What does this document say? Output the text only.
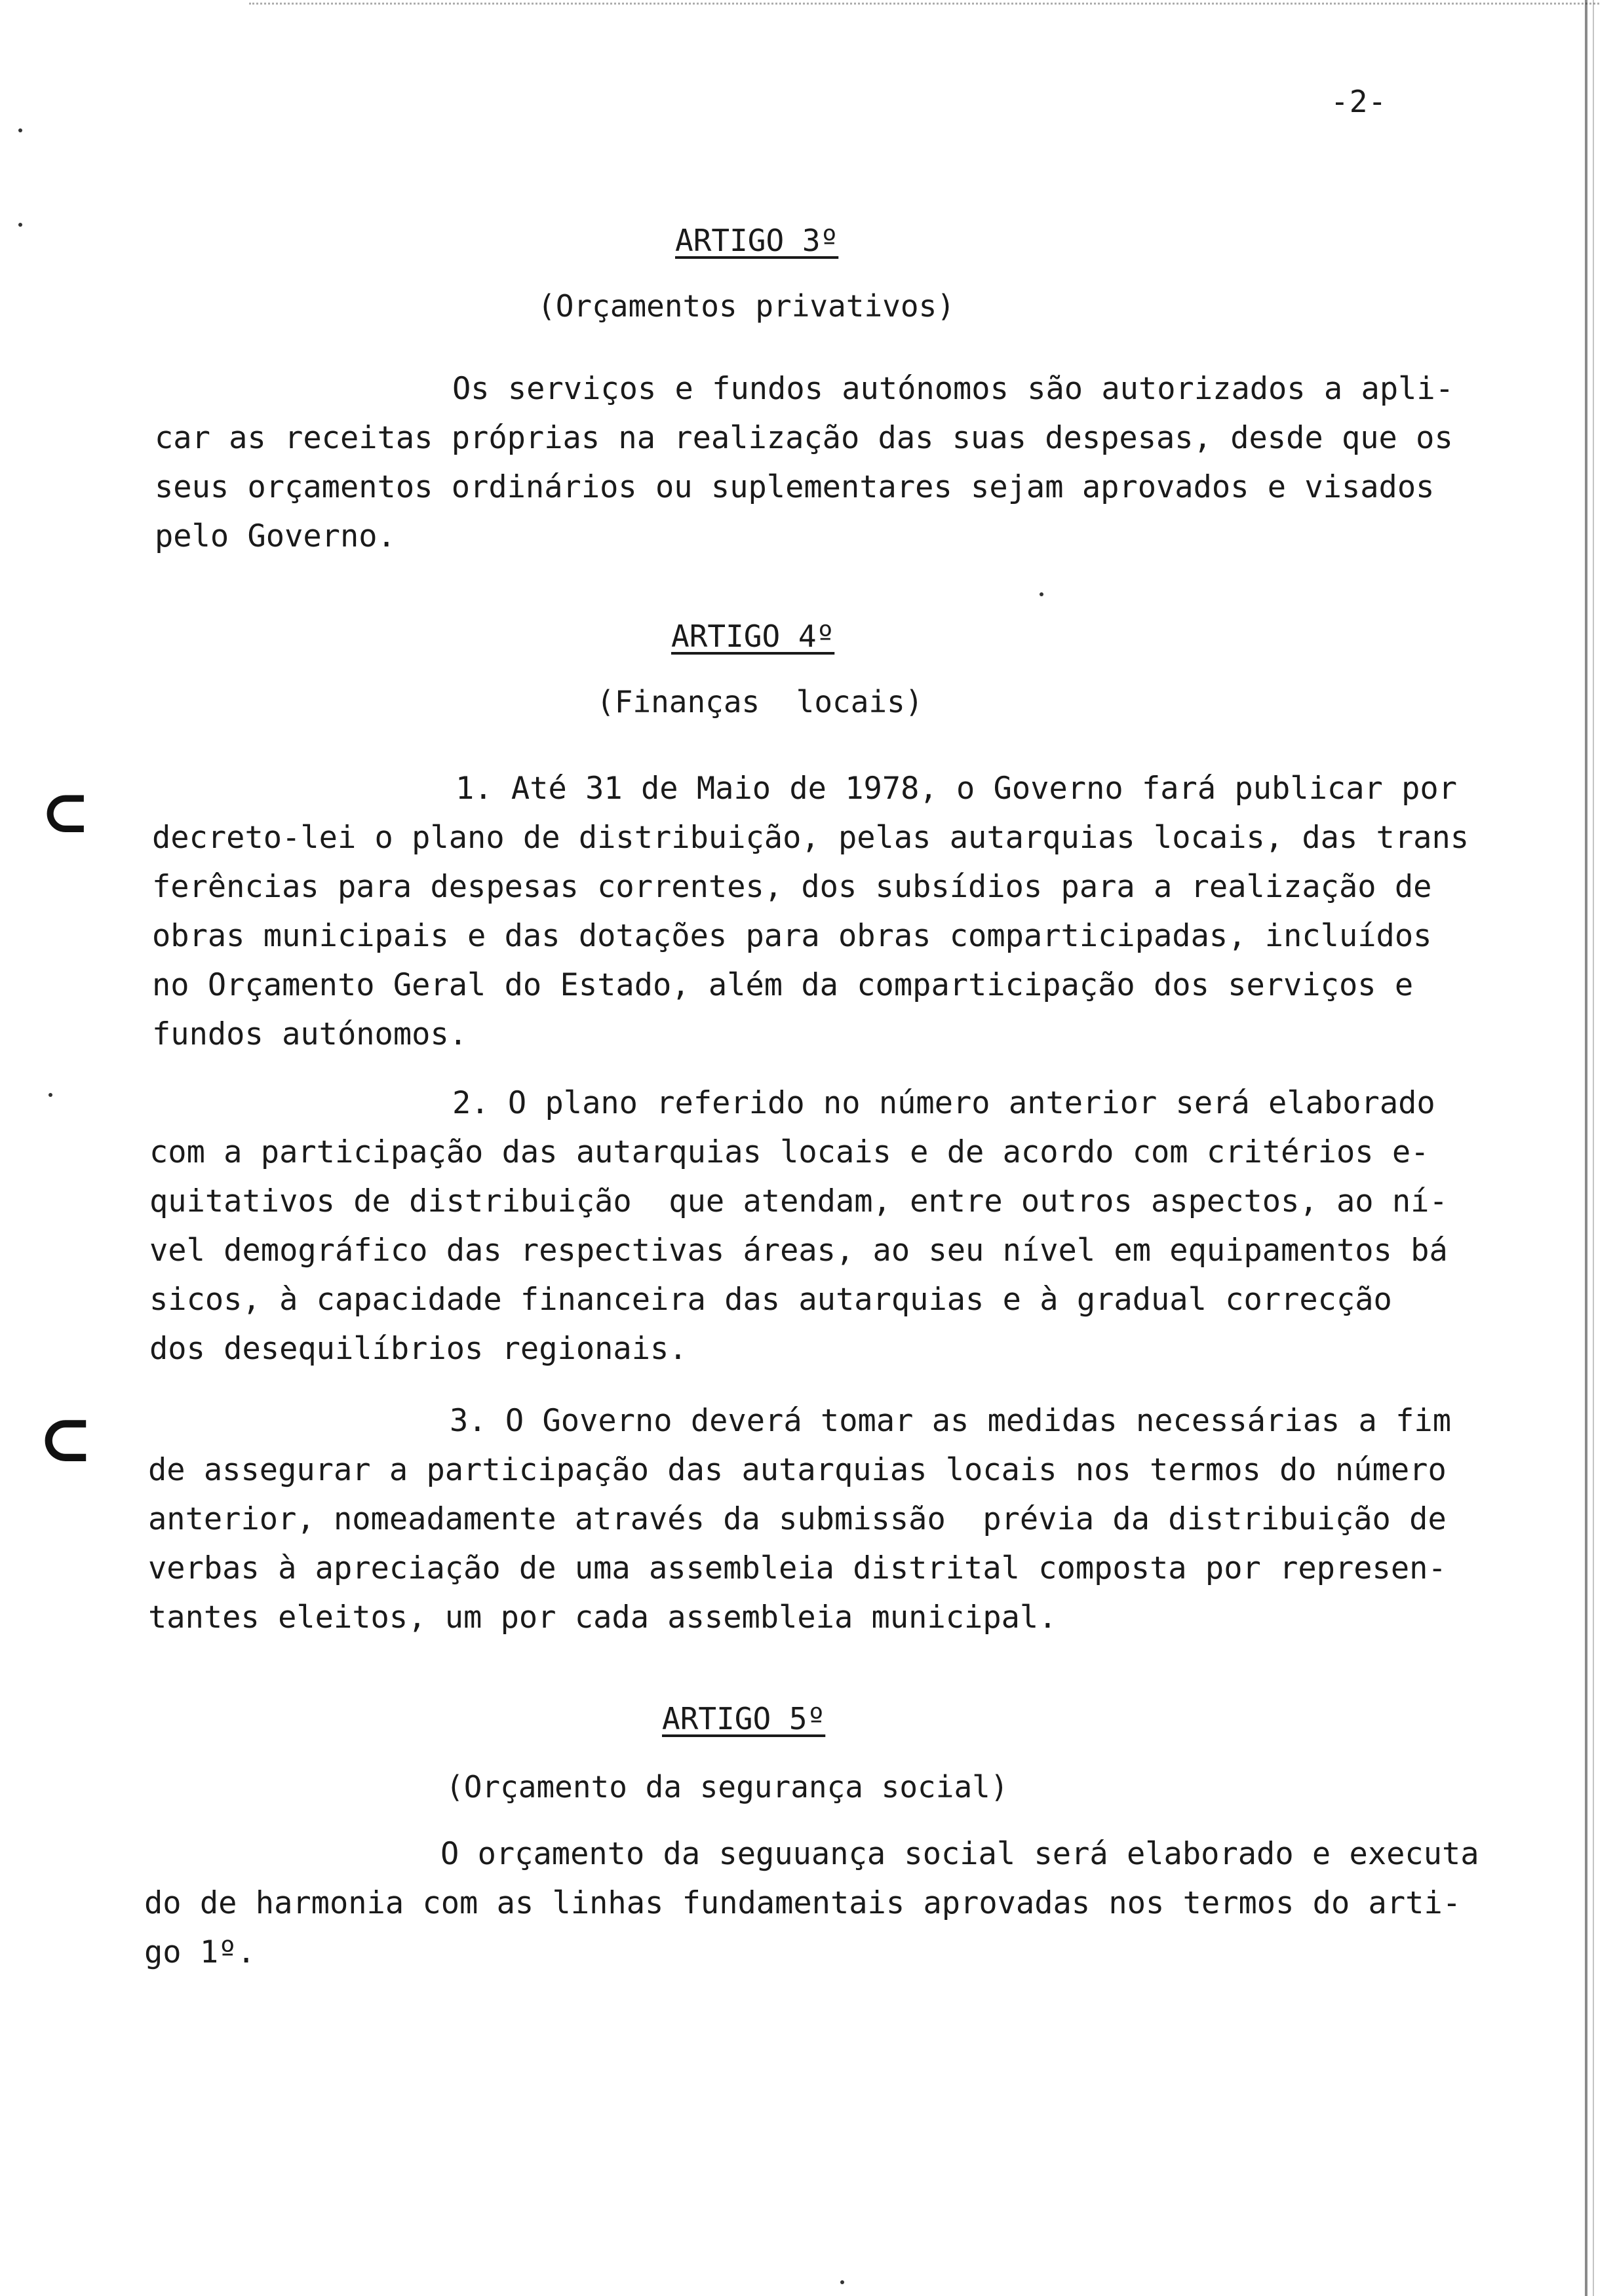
⊂
⊂
-2-
ARTIGO 3º
(Orçamentos privativos)
Os serviços e fundos autónomos são autorizados a apli-
car as receitas próprias na realização das suas despesas, desde que os
seus orçamentos ordinários ou suplementares sejam aprovados e visados
pelo Governo.
ARTIGO 4º
(Finanças  locais)
1. Até 31 de Maio de 1978, o Governo fará publicar por
decreto-lei o plano de distribuição, pelas autarquias locais, das trans
ferências para despesas correntes, dos subsídios para a realização de
obras municipais e das dotações para obras comparticipadas, incluídos
no Orçamento Geral do Estado, além da comparticipação dos serviços e
fundos autónomos.
2. O plano referido no número anterior será elaborado
com a participação das autarquias locais e de acordo com critérios e-
quitativos de distribuição  que atendam, entre outros aspectos, ao ní-
vel demográfico das respectivas áreas, ao seu nível em equipamentos bá
sicos, à capacidade financeira das autarquias e à gradual correcção
dos desequilíbrios regionais.
3. O Governo deverá tomar as medidas necessárias a fim
de assegurar a participação das autarquias locais nos termos do número
anterior, nomeadamente através da submissão  prévia da distribuição de
verbas à apreciação de uma assembleia distrital composta por represen-
tantes eleitos, um por cada assembleia municipal.
ARTIGO 5º
(Orçamento da segurança social)
O orçamento da seguuança social será elaborado e executa
do de harmonia com as linhas fundamentais aprovadas nos termos do arti-
go 1º.
